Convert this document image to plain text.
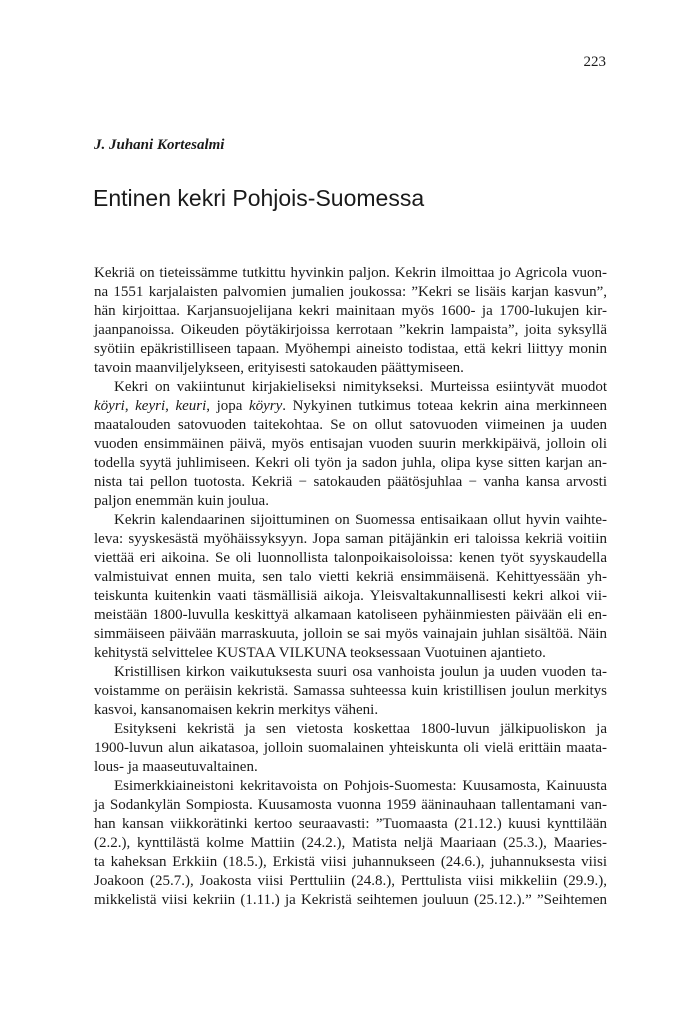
223
J. Juhani Kortesalmi
Entinen kekri Pohjois-Suomessa
Kekriä on tieteissämme tutkittu hyvinkin paljon. Kekrin ilmoittaa jo Agricola vuon-
na 1551 karjalaisten palvomien jumalien joukossa: ”Kekri se lisäis karjan kasvun”,
hän kirjoittaa. Karjansuojelijana kekri mainitaan myös 1600- ja 1700-lukujen kir-
jaanpanoissa. Oikeuden pöytäkirjoissa kerrotaan ”kekrin lampaista”, joita syksyllä
syötiin epäkristilliseen tapaan. Myöhempi aineisto todistaa, että kekri liittyy monin
tavoin maanviljelykseen, erityisesti satokauden päättymiseen.
Kekri on vakiintunut kirjakieliseksi nimitykseksi. Murteissa esiintyvät muodot
köyri, keyri, keuri, jopa köyry. Nykyinen tutkimus toteaa kekrin aina merkinneen
maatalouden satovuoden taitekohtaa. Se on ollut satovuoden viimeinen ja uuden
vuoden ensimmäinen päivä, myös entisajan vuoden suurin merkkipäivä, jolloin oli
todella syytä juhlimiseen. Kekri oli työn ja sadon juhla, olipa kyse sitten karjan an-
nista tai pellon tuotosta. Kekriä − satokauden päätösjuhlaa − vanha kansa arvosti
paljon enemmän kuin joulua.
Kekrin kalendaarinen sijoittuminen on Suomessa entisaikaan ollut hyvin vaihte-
leva: syyskesästä myöhäissyksyyn. Jopa saman pitäjänkin eri taloissa kekriä voitiin
viettää eri aikoina. Se oli luonnollista talonpoikaisoloissa: kenen työt syyskaudella
valmistuivat ennen muita, sen talo vietti kekriä ensimmäisenä. Kehittyessään yh-
teiskunta kuitenkin vaati täsmällisiä aikoja. Yleisvaltakunnallisesti kekri alkoi vii-
meistään 1800-luvulla keskittyä alkamaan katoliseen pyhäinmiesten päivään eli en-
simmäiseen päivään marraskuuta, jolloin se sai myös vainajain juhlan sisältöä. Näin
kehitystä selvittelee KUSTAA VILKUNA teoksessaan Vuotuinen ajantieto.
Kristillisen kirkon vaikutuksesta suuri osa vanhoista joulun ja uuden vuoden ta-
voistamme on peräisin kekristä. Samassa suhteessa kuin kristillisen joulun merkitys
kasvoi, kansanomaisen kekrin merkitys väheni.
Esitykseni kekristä ja sen vietosta koskettaa 1800-luvun jälkipuoliskon ja
1900-luvun alun aikatasoa, jolloin suomalainen yhteiskunta oli vielä erittäin maata-
lous- ja maaseutuvaltainen.
Esimerkkiaineistoni kekritavoista on Pohjois-Suomesta: Kuusamosta, Kainuusta
ja Sodankylän Sompiosta. Kuusamosta vuonna 1959 ääninauhaan tallentamani van-
han kansan viikkorätinki kertoo seuraavasti: ”Tuomaasta (21.12.) kuusi kynttilään
(2.2.), kynttilästä kolme Mattiin (24.2.), Matista neljä Maariaan (25.3.), Maaries-
ta kaheksan Erkkiin (18.5.), Erkistä viisi juhannukseen (24.6.), juhannuksesta viisi
Joakoon (25.7.), Joakosta viisi Perttuliin (24.8.), Perttulista viisi mikkeliin (29.9.),
mikkelistä viisi kekriin (1.11.) ja Kekristä seihtemen jouluun (25.12.).” ”Seihtemen
